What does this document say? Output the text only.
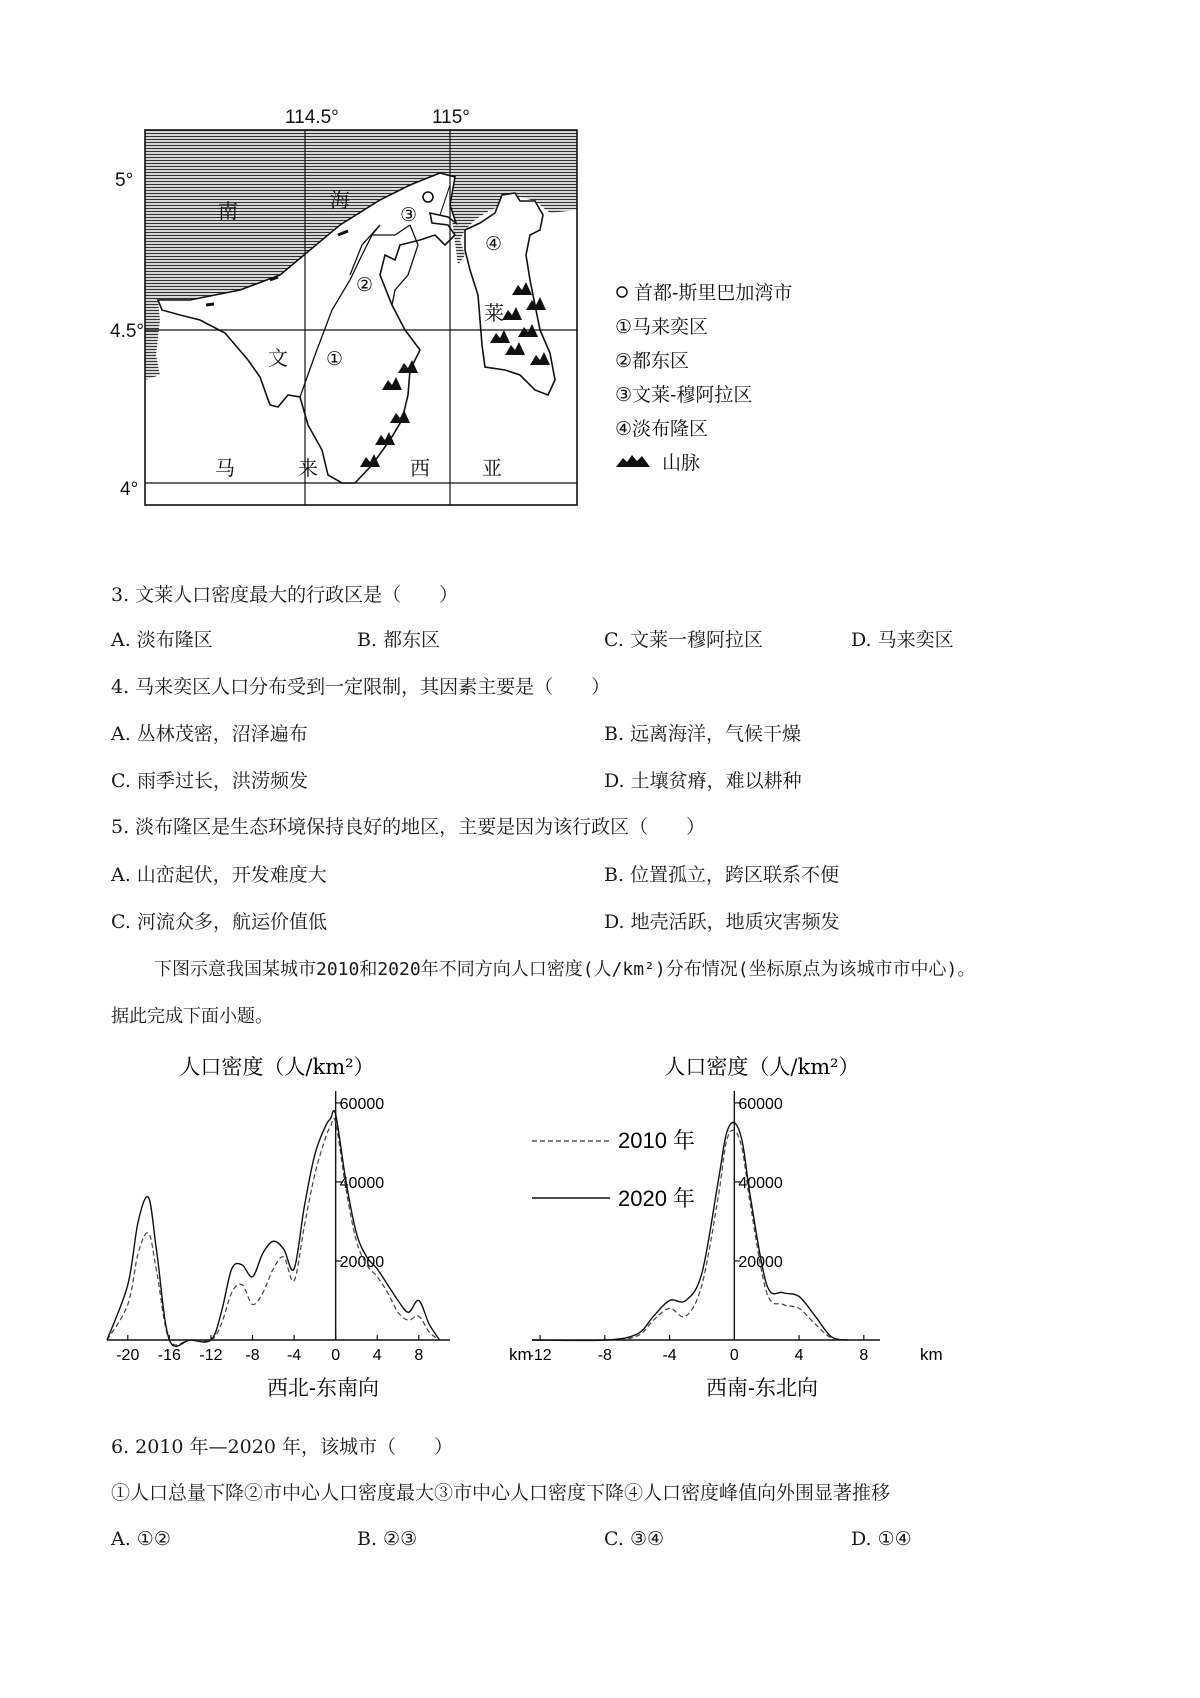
114.5°	115°
5°
4.5°
4°
南	海
文
莱
马	来	西	亚
①
②
③
④
首都-斯里巴加湾市
①马来奕区
②都东区
③文莱-穆阿拉区
④淡布隆区
山脉
3. 文莱人口密度最大的行政区是（　　）
A. 淡布隆区	B. 都东区	C. 文莱一穆阿拉区	D. 马来奕区
4. 马来奕区人口分布受到一定限制，其因素主要是（　　）
A. 丛林茂密，沼泽遍布	B. 远离海洋，气候干燥
C. 雨季过长，洪涝频发	D. 土壤贫瘠，难以耕种
5. 淡布隆区是生态环境保持良好的地区，主要是因为该行政区（　　）
A. 山峦起伏，开发难度大	B. 位置孤立，跨区联系不便
C. 河流众多，航运价值低	D. 地壳活跃，地质灾害频发
下图示意我国某城市2010和2020年不同方向人口密度(人/km²)分布情况(坐标原点为该城市市中心)。
据此完成下面小题。
人口密度（人/km²）
西北-东南向
km
-20 -16 -12 -8 -4 0 4 8
20000
40000
60000
2010 年
2020 年
人口密度（人/km²）
西南-东北向
km
-12	-8	-4	0	4	8
20000
40000
60000
6. 2010 年—2020 年，该城市（　　）
①人口总量下降②市中心人口密度最大③市中心人口密度下降④人口密度峰值向外围显著推移
A. ①②	B. ②③	C. ③④	D. ①④
